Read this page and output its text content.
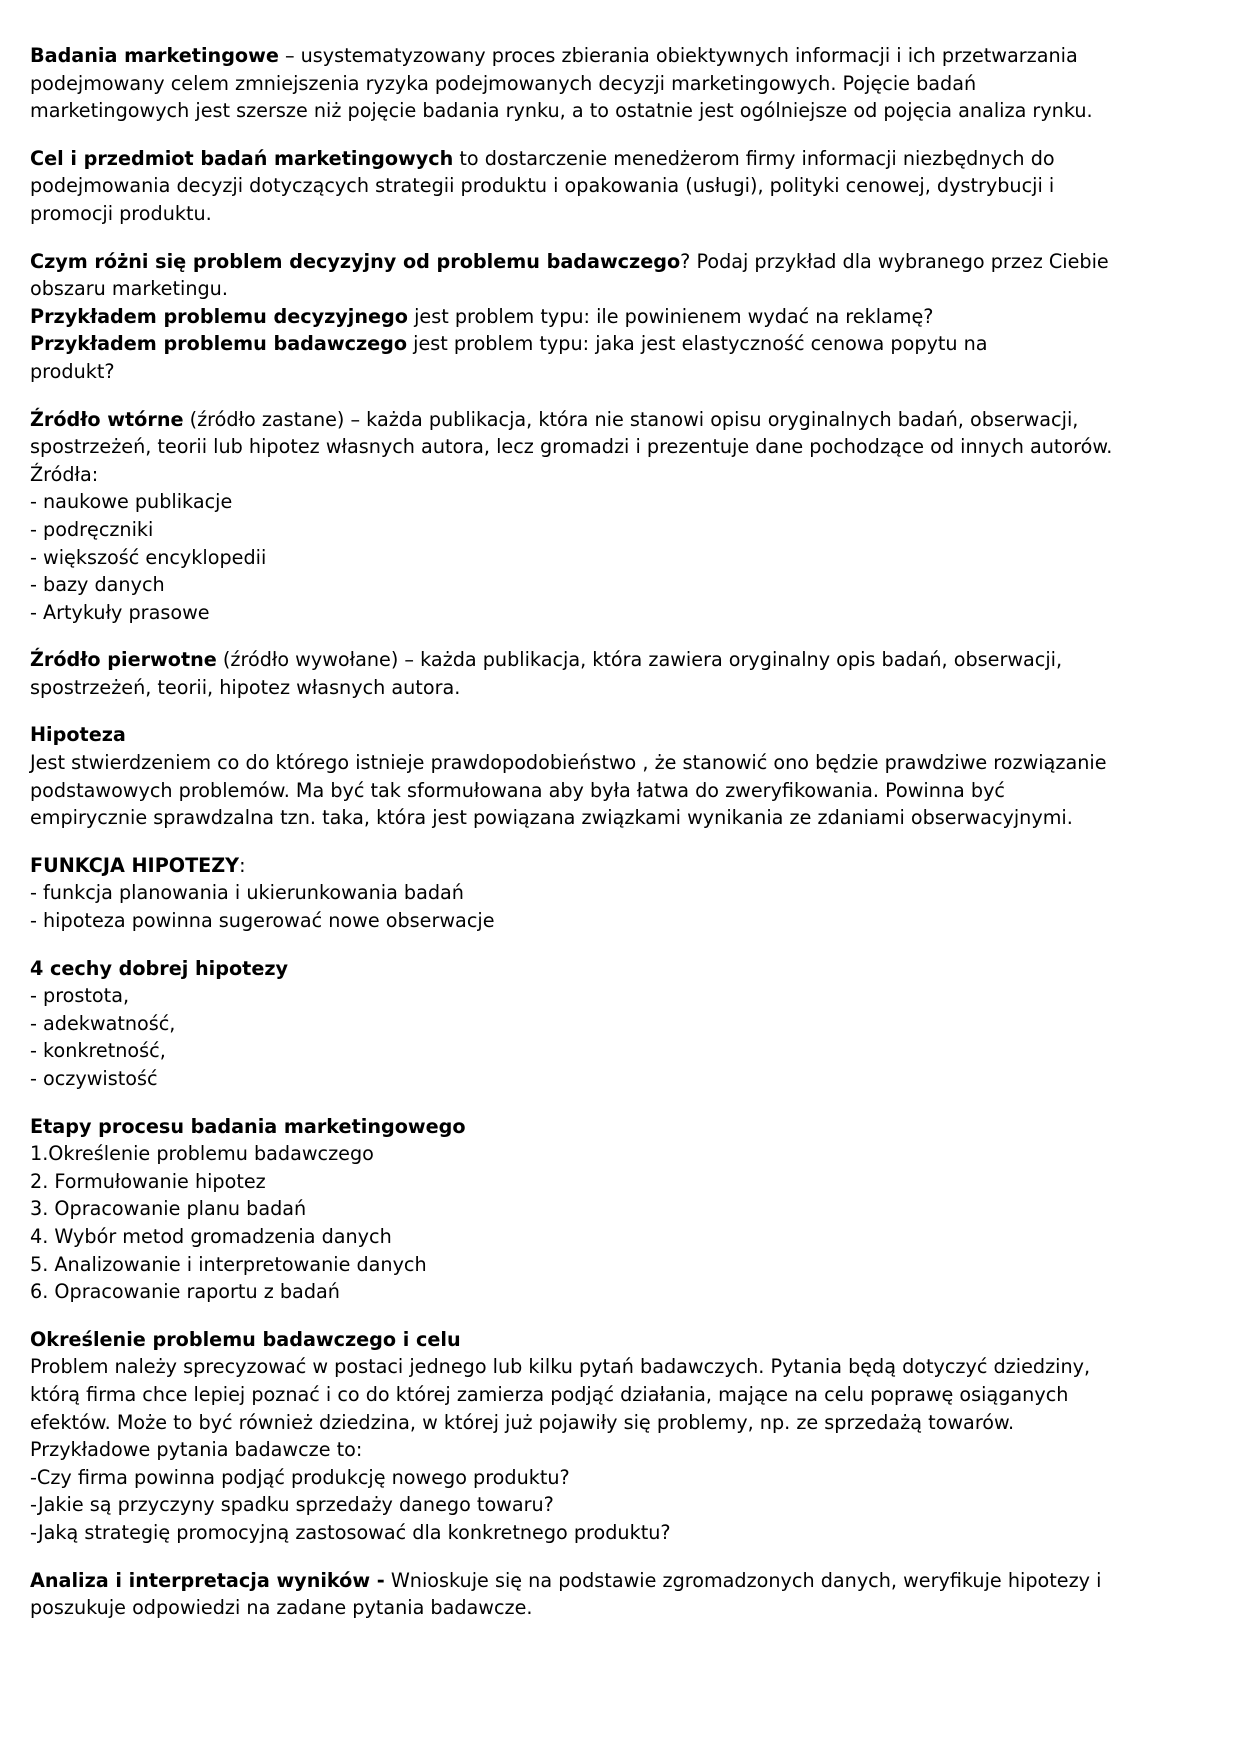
Badania marketingowe – usystematyzowany proces zbierania obiektywnych informacji i ich przetwarzania
podejmowany celem zmniejszenia ryzyka podejmowanych decyzji marketingowych. Pojęcie badań
marketingowych jest szersze niż pojęcie badania rynku, a to ostatnie jest ogólniejsze od pojęcia analiza rynku.
Cel i przedmiot badań marketingowych to dostarczenie menedżerom firmy informacji niezbędnych do
podejmowania decyzji dotyczących strategii produktu i opakowania (usługi), polityki cenowej, dystrybucji i
promocji produktu.
Czym różni się problem decyzyjny od problemu badawczego? Podaj przykład dla wybranego przez Ciebie
obszaru marketingu.
Przykładem problemu decyzyjnego jest problem typu: ile powinienem wydać na reklamę?
Przykładem problemu badawczego jest problem typu: jaka jest elastyczność cenowa popytu na
produkt?
Źródło wtórne (źródło zastane) – każda publikacja, która nie stanowi opisu oryginalnych badań, obserwacji,
spostrzeżeń, teorii lub hipotez własnych autora, lecz gromadzi i prezentuje dane pochodzące od innych autorów.
Źródła:
- naukowe publikacje
- podręczniki
- większość encyklopedii
- bazy danych
- Artykuły prasowe
Źródło pierwotne (źródło wywołane) – każda publikacja, która zawiera oryginalny opis badań, obserwacji,
spostrzeżeń, teorii, hipotez własnych autora.
Hipoteza
Jest stwierdzeniem co do którego istnieje prawdopodobieństwo , że stanowić ono będzie prawdziwe rozwiązanie
podstawowych problemów. Ma być tak sformułowana aby była łatwa do zweryfikowania. Powinna być
empirycznie sprawdzalna tzn. taka, która jest powiązana związkami wynikania ze zdaniami obserwacyjnymi.
FUNKCJA HIPOTEZY:
- funkcja planowania i ukierunkowania badań
- hipoteza powinna sugerować nowe obserwacje
4 cechy dobrej hipotezy
- prostota,
- adekwatność,
- konkretność,
- oczywistość
Etapy procesu badania marketingowego
1.Określenie problemu badawczego
2. Formułowanie hipotez
3. Opracowanie planu badań
4. Wybór metod gromadzenia danych
5. Analizowanie i interpretowanie danych
6. Opracowanie raportu z badań
Określenie problemu badawczego i celu
Problem należy sprecyzować w postaci jednego lub kilku pytań badawczych. Pytania będą dotyczyć dziedziny,
którą firma chce lepiej poznać i co do której zamierza podjąć działania, mające na celu poprawę osiąganych
efektów. Może to być również dziedzina, w której już pojawiły się problemy, np. ze sprzedażą towarów.
Przykładowe pytania badawcze to:
-Czy firma powinna podjąć produkcję nowego produktu?
-Jakie są przyczyny spadku sprzedaży danego towaru?
-Jaką strategię promocyjną zastosować dla konkretnego produktu?
Analiza i interpretacja wyników - Wnioskuje się na podstawie zgromadzonych danych, weryfikuje hipotezy i
poszukuje odpowiedzi na zadane pytania badawcze.
